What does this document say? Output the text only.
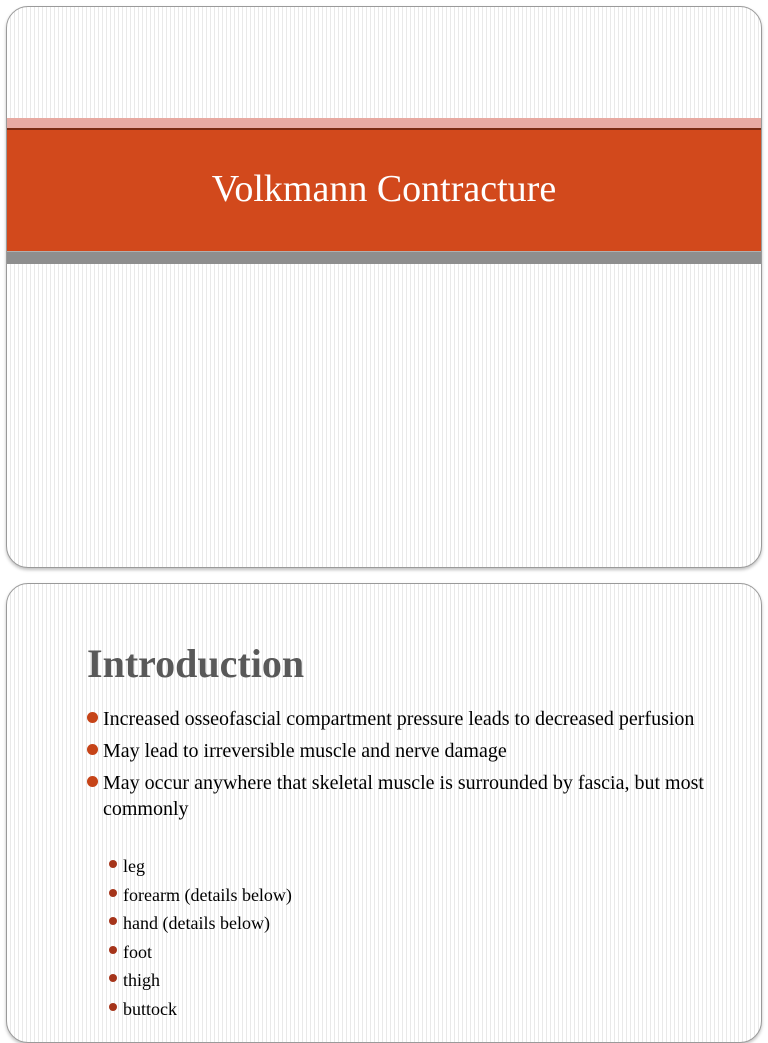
Volkmann Contracture
Introduction
Increased osseofascial compartment pressure leads to decreased perfusion
May lead to irreversible muscle and nerve damage
May occur anywhere that skeletal muscle is surrounded by fascia, but most commonly
leg
forearm (details below)
hand (details below)
foot
thigh
buttock
